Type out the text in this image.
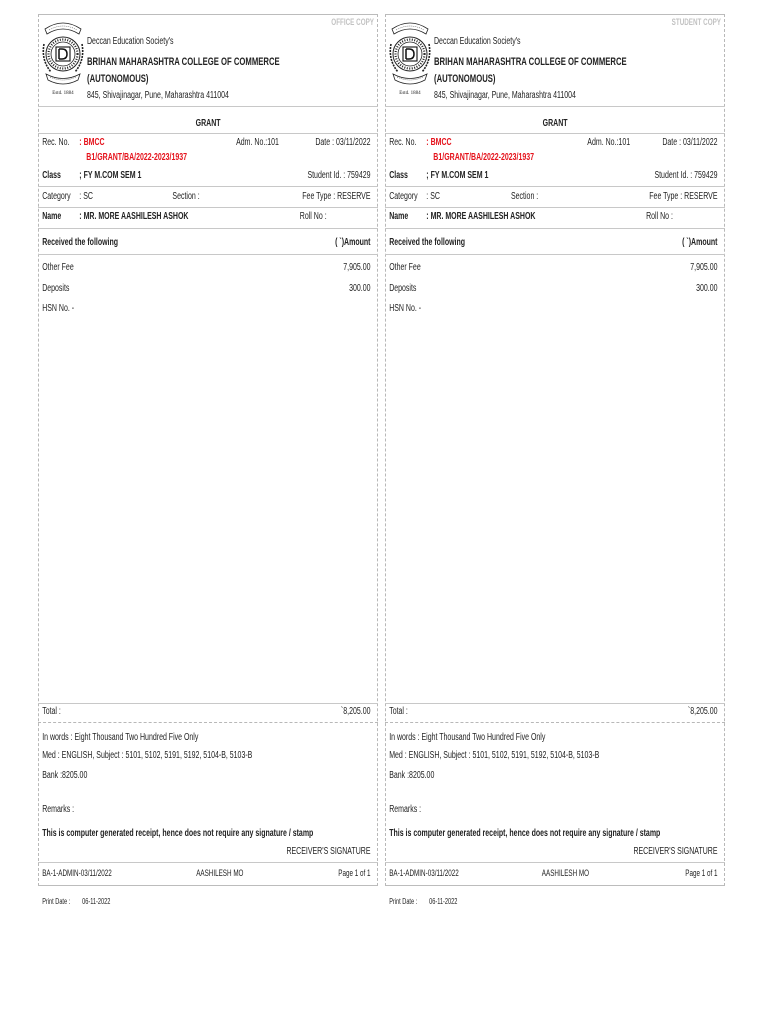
Estd. 1884
OFFICE COPY
Deccan Education Society's
BRIHAN MAHARASHTRA COLLEGE OF COMMERCE
(AUTONOMOUS)
845, Shivajinagar, Pune, Maharashtra 411004
GRANT
Rec. No. : BMCC	Adm. No.:101	Date : 03/11/2022
B1/GRANT/BA/2022-2023/1937
Class ; FY M.COM SEM 1	Student Id. : 759429
Category : SC	Section :	Fee Type : RESERVE
Name : MR. MORE AASHILESH ASHOK	Roll No :
Received the following	( `)Amount
Other Fee	7,905.00
Deposits	300.00
HSN No. -
Total :	`8,205.00
In words : Eight Thousand Two Hundred Five Only
Med : ENGLISH, Subject : 5101, 5102, 5191, 5192, 5104-B, 5103-B
Bank :8205.00
Remarks :
This is computer generated receipt, hence does not require any signature / stamp
RECEIVER'S SIGNATURE
BA-1-ADMIN-03/11/2022	AASHILESH MO	Page 1 of 1
Print Date : 06-11-2022
Estd. 1884
STUDENT COPY
Deccan Education Society's
BRIHAN MAHARASHTRA COLLEGE OF COMMERCE
(AUTONOMOUS)
845, Shivajinagar, Pune, Maharashtra 411004
GRANT
Rec. No. : BMCC	Adm. No.:101	Date : 03/11/2022
B1/GRANT/BA/2022-2023/1937
Class ; FY M.COM SEM 1	Student Id. : 759429
Category : SC	Section :	Fee Type : RESERVE
Name : MR. MORE AASHILESH ASHOK	Roll No :
Received the following	( `)Amount
Other Fee	7,905.00
Deposits	300.00
HSN No. -
Total :	`8,205.00
In words : Eight Thousand Two Hundred Five Only
Med : ENGLISH, Subject : 5101, 5102, 5191, 5192, 5104-B, 5103-B
Bank :8205.00
Remarks :
This is computer generated receipt, hence does not require any signature / stamp
RECEIVER'S SIGNATURE
BA-1-ADMIN-03/11/2022	AASHILESH MO	Page 1 of 1
Print Date : 06-11-2022
